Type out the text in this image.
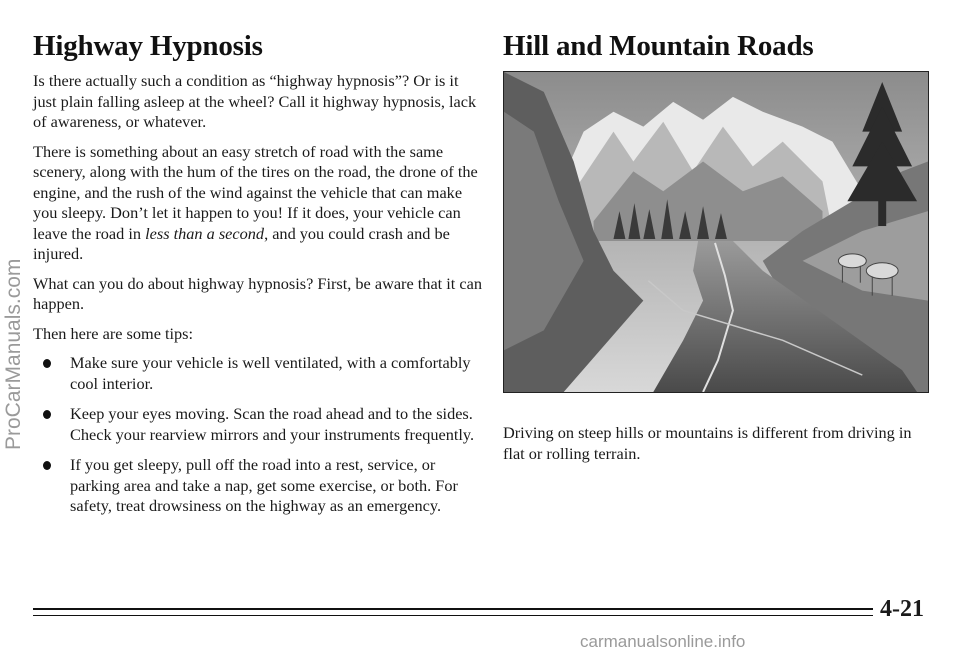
Highway Hypnosis

Is there actually such a condition as “highway hypnosis”? Or is it just plain falling asleep at the wheel? Call it highway hypnosis, lack of awareness, or whatever.

There is something about an easy stretch of road with the same scenery, along with the hum of the tires on the road, the drone of the engine, and the rush of the wind against the vehicle that can make you sleepy. Don’t let it happen to you! If it does, your vehicle can leave the road in less than a second, and you could crash and be injured.

What can you do about highway hypnosis? First, be aware that it can happen.

Then here are some tips:

Make sure your vehicle is well ventilated, with a comfortably cool interior.
Keep your eyes moving. Scan the road ahead and to the sides. Check your rearview mirrors and your instruments frequently.
If you get sleepy, pull off the road into a rest, service, or parking area and take a nap, get some exercise, or both. For safety, treat drowsiness on the highway as an emergency.
Hill and Mountain Roads

Driving on steep hills or mountains is different from driving in flat or rolling terrain.

4-21
ProCarManuals.com
carmanualsonline.info
